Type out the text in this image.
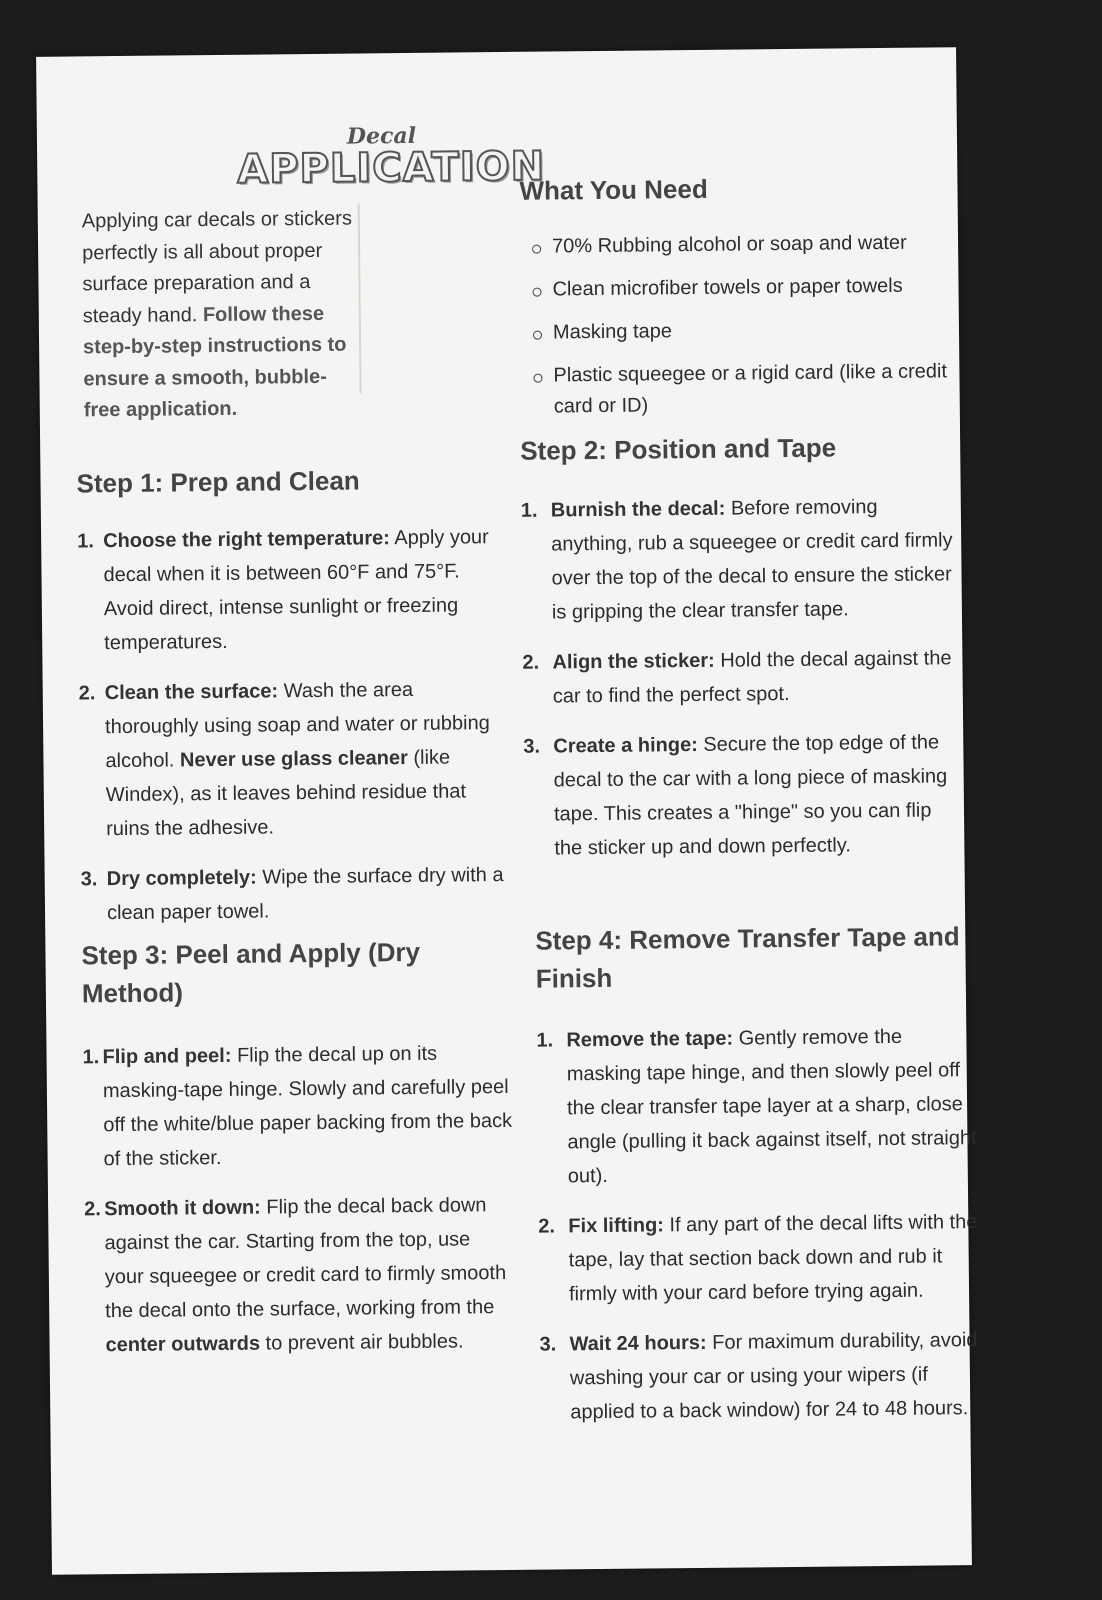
Decal
APPLICATION
Applying car decals or stickers perfectly is all about proper surface preparation and a steady hand. Follow these step-by-step instructions to ensure a smooth, bubble-free application.
What You Need
70% Rubbing alcohol or soap and water
Clean microfiber towels or paper towels
Masking tape
Plastic squeegee or a rigid card (like a credit card or ID)
Step 1: Prep and Clean
1. Choose the right temperature: Apply your decal when it is between 60°F and 75°F. Avoid direct, intense sunlight or freezing temperatures.
2. Clean the surface: Wash the area thoroughly using soap and water or rubbing alcohol. Never use glass cleaner (like Windex), as it leaves behind residue that ruins the adhesive.
3. Dry completely: Wipe the surface dry with a clean paper towel.
Step 2: Position and Tape
1. Burnish the decal: Before removing anything, rub a squeegee or credit card firmly over the top of the decal to ensure the sticker is gripping the clear transfer tape.
2. Align the sticker: Hold the decal against the car to find the perfect spot.
3. Create a hinge: Secure the top edge of the decal to the car with a long piece of masking tape. This creates a "hinge" so you can flip the sticker up and down perfectly.
Step 3: Peel and Apply (Dry Method)
1. Flip and peel: Flip the decal up on its masking-tape hinge. Slowly and carefully peel off the white/blue paper backing from the back of the sticker.
2. Smooth it down: Flip the decal back down against the car. Starting from the top, use your squeegee or credit card to firmly smooth the decal onto the surface, working from the center outwards to prevent air bubbles.
Step 4: Remove Transfer Tape and Finish
1. Remove the tape: Gently remove the masking tape hinge, and then slowly peel off the clear transfer tape layer at a sharp, close angle (pulling it back against itself, not straight out).
2. Fix lifting: If any part of the decal lifts with the tape, lay that section back down and rub it firmly with your card before trying again.
3. Wait 24 hours: For maximum durability, avoid washing your car or using your wipers (if applied to a back window) for 24 to 48 hours.
